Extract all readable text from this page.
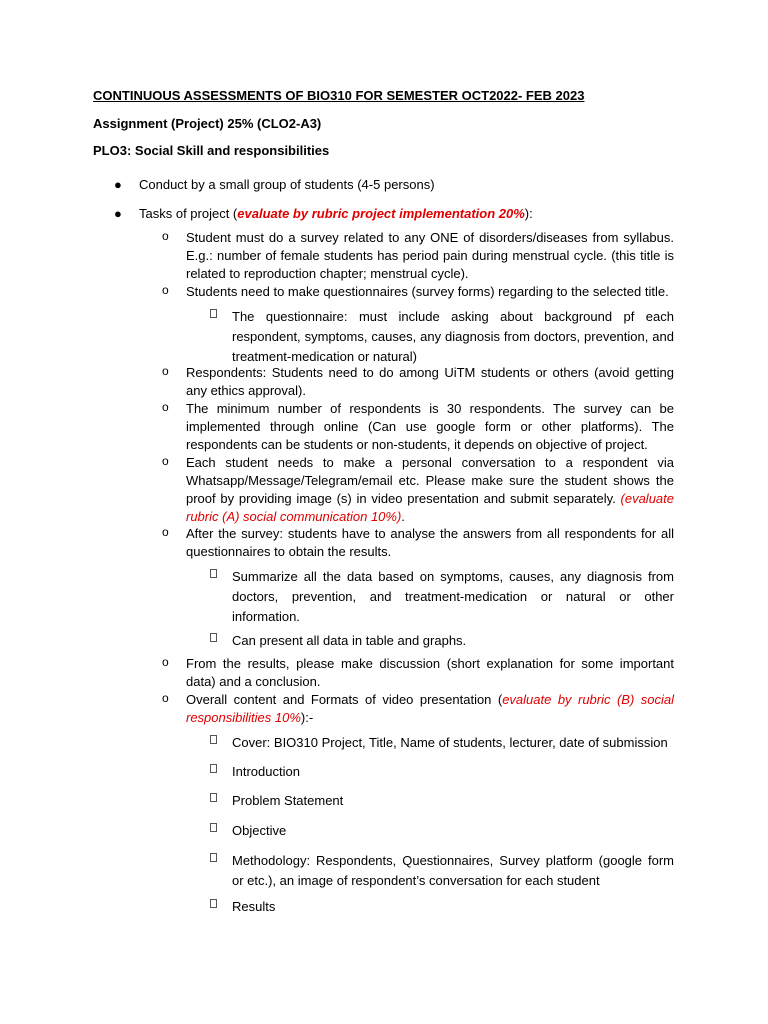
CONTINUOUS ASSESSMENTS OF BIO310 FOR SEMESTER OCT2022- FEB 2023
Assignment (Project) 25% (CLO2-A3)
PLO3: Social Skill and responsibilities
● Conduct by a small group of students (4-5 persons)
● Tasks of project (evaluate by rubric project implementation 20%):
o Student must do a survey related to any ONE of disorders/diseases from syllabus. E.g.: number of female students has period pain during menstrual cycle. (this title is related to reproduction chapter; menstrual cycle).
o Students need to make questionnaires (survey forms) regarding to the selected title.
The questionnaire: must include asking about background pf each respondent, symptoms, causes, any diagnosis from doctors, prevention, and treatment-medication or natural)
o Respondents: Students need to do among UiTM students or others (avoid getting any ethics approval).
o The minimum number of respondents is 30 respondents. The survey can be implemented through online (Can use google form or other platforms). The respondents can be students or non-students, it depends on objective of project.
o Each student needs to make a personal conversation to a respondent via Whatsapp/Message/Telegram/email etc. Please make sure the student shows the proof by providing image (s) in video presentation and submit separately. (evaluate rubric (A) social communication 10%).
o After the survey: students have to analyse the answers from all respondents for all questionnaires to obtain the results.
Summarize all the data based on symptoms, causes, any diagnosis from doctors, prevention, and treatment-medication or natural or other information.
Can present all data in table and graphs.
o From the results, please make discussion (short explanation for some important data) and a conclusion.
o Overall content and Formats of video presentation (evaluate by rubric (B) social responsibilities 10%):-
Cover: BIO310 Project, Title, Name of students, lecturer, date of submission
Introduction
Problem Statement
Objective
Methodology: Respondents, Questionnaires, Survey platform (google form or etc.), an image of respondent’s conversation for each student
Results
